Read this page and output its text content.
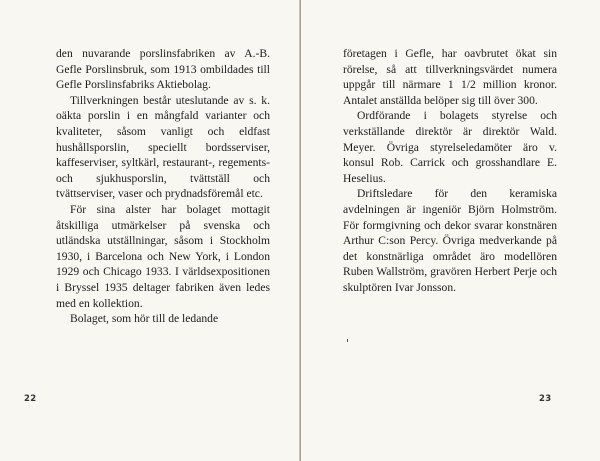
den nuvarande porslinsfabriken av A.-B. Gefle Porslinsbruk, som 1913 ombildades till Gefle Porslinsfabriks Aktiebolag.

Tillverkningen består uteslutande av s. k. oäkta porslin i en mångfald varianter och kvaliteter, såsom vanligt och eldfast hushållsporslin, speciellt bordsserviser, kaffeserviser, syltkärl, restaurant-, regements- och sjukhusporslin, tvättställ och tvättserviser, vaser och prydnadsföremål etc.

För sina alster har bolaget mottagit åtskilliga utmärkelser på svenska och utländska utställningar, såsom i Stockholm 1930, i Barcelona och New York, i London 1929 och Chicago 1933. I världsexpositionen i Bryssel 1935 deltager fabriken även ledes med en kollektion.

Bolaget, som hör till de ledande

22

företagen i Gefle, har oavbrutet ökat sin rörelse, så att tillverkningsvärdet numera uppgår till närmare 1 1/2 million kronor. Antalet anställda belöper sig till över 300.

Ordförande i bolagets styrelse och verkställande direktör är direktör Wald. Meyer. Övriga styrelseledamöter äro v. konsul Rob. Carrick och grosshandlare E. Heselius.

Driftsledare för den keramiska avdelningen är ingeniör Björn Holmström. För formgivning och dekor svarar konstnären Arthur C:son Percy. Övriga medverkande på det konstnärliga området äro modellören Ruben Wallström, gravören Herbert Perje och skulptören Ivar Jonsson.

23
